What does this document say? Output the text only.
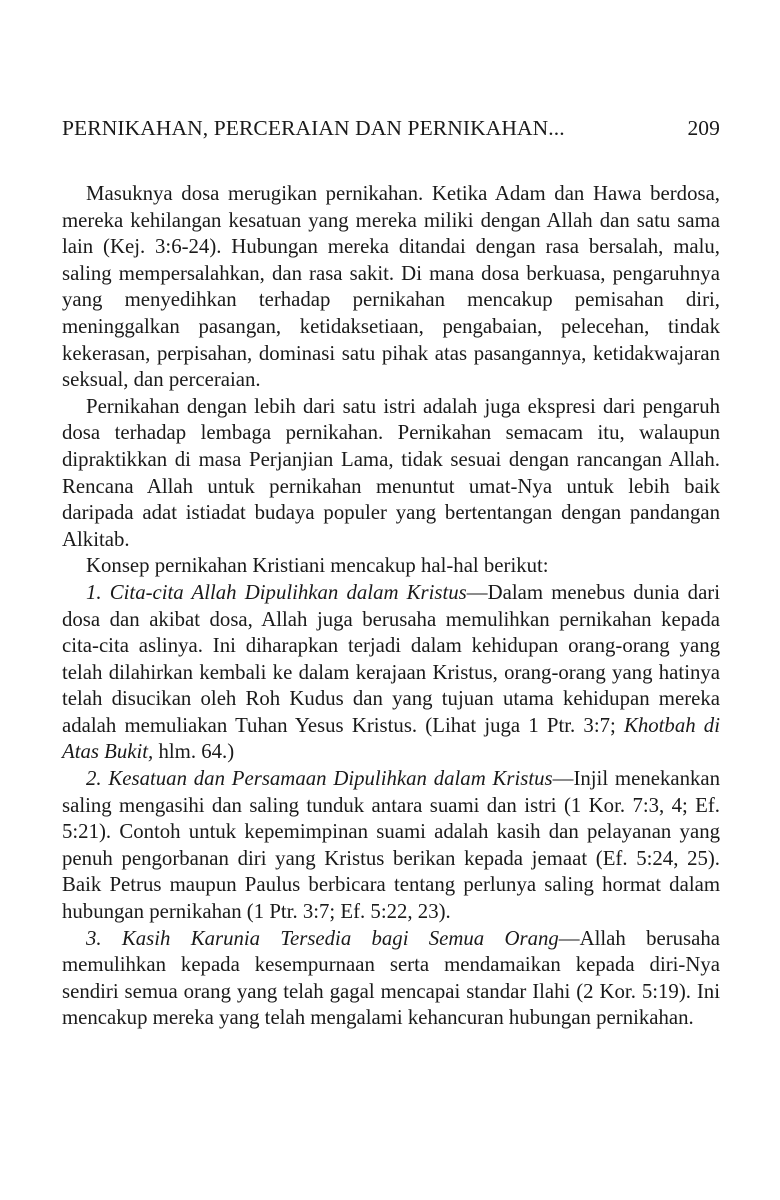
PERNIKAHAN, PERCERAIAN DAN PERNIKAHAN...	209

Masuknya dosa merugikan pernikahan. Ketika Adam dan Hawa berdosa, mereka kehilangan kesatuan yang mereka miliki dengan Allah dan satu sama lain (Kej. 3:6-24). Hubungan mereka ditandai dengan rasa bersalah, malu, saling mempersalahkan, dan rasa sakit. Di mana dosa berkuasa, pengaruhnya yang menyedihkan terhadap pernikahan mencakup pemisahan diri, meninggalkan pasangan, ketidaksetiaan, pengabaian, pelecehan, tindak kekerasan, perpisahan, dominasi satu pihak atas pasangannya, ketidakwajaran seksual, dan perceraian.

Pernikahan dengan lebih dari satu istri adalah juga ekspresi dari pengaruh dosa terhadap lembaga pernikahan. Pernikahan semacam itu, walaupun dipraktikkan di masa Perjanjian Lama, tidak sesuai dengan rancangan Allah. Rencana Allah untuk pernikahan menuntut umat-Nya untuk lebih baik daripada adat istiadat budaya populer yang bertentangan dengan pandangan Alkitab.

Konsep pernikahan Kristiani mencakup hal-hal berikut:

1. Cita-cita Allah Dipulihkan dalam Kristus—Dalam menebus dunia dari dosa dan akibat dosa, Allah juga berusaha memulihkan pernikahan kepada cita-cita aslinya. Ini diharapkan terjadi dalam kehidupan orang-orang yang telah dilahirkan kembali ke dalam kerajaan Kristus, orang-orang yang hatinya telah disucikan oleh Roh Kudus dan yang tujuan utama kehidupan mereka adalah memuliakan Tuhan Yesus Kristus. (Lihat juga 1 Ptr. 3:7; Khotbah di Atas Bukit, hlm. 64.)

2. Kesatuan dan Persamaan Dipulihkan dalam Kristus—Injil menekankan saling mengasihi dan saling tunduk antara suami dan istri (1 Kor. 7:3, 4; Ef. 5:21). Contoh untuk kepemimpinan suami adalah kasih dan pelayanan yang penuh pengorbanan diri yang Kristus berikan kepada jemaat (Ef. 5:24, 25). Baik Petrus maupun Paulus berbicara tentang perlunya saling hormat dalam hubungan pernikahan (1 Ptr. 3:7; Ef. 5:22, 23).

3. Kasih Karunia Tersedia bagi Semua Orang—Allah berusaha memulihkan kepada kesempurnaan serta mendamaikan kepada diri-Nya sendiri semua orang yang telah gagal mencapai standar Ilahi (2 Kor. 5:19). Ini mencakup mereka yang telah mengalami kehancuran hubungan pernikahan.
